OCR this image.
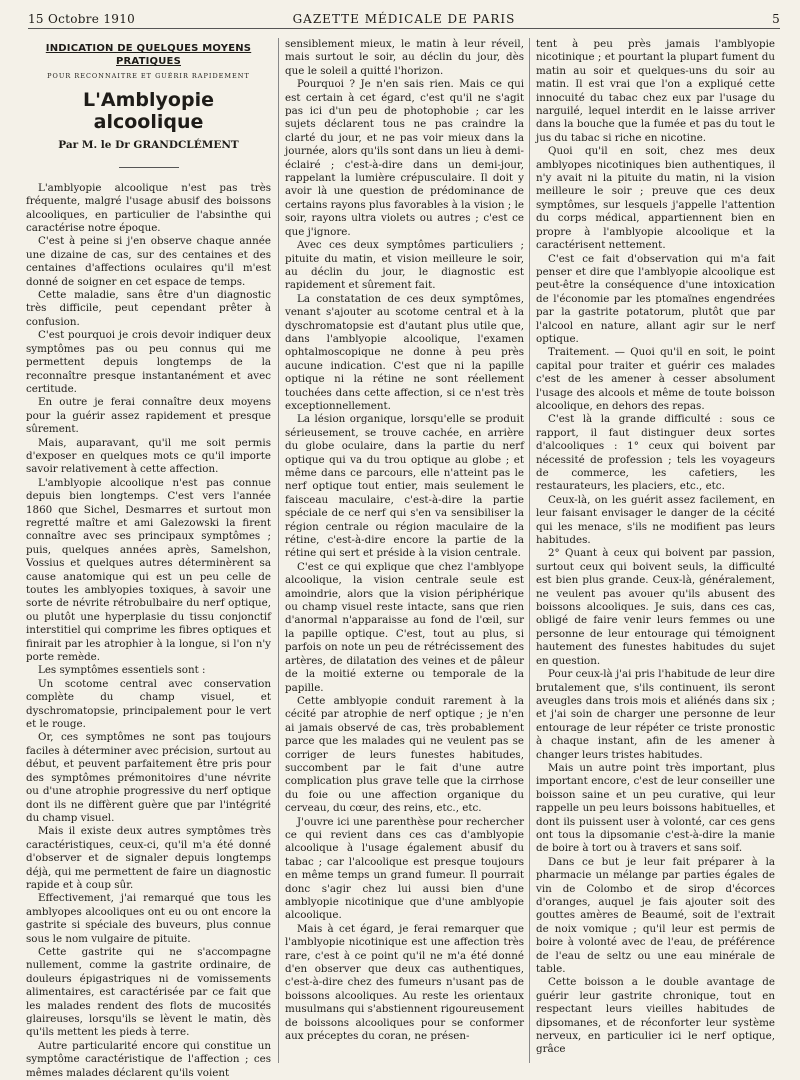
15 Octobre 1910	GAZETTE MÉDICALE DE PARIS	5
INDICATION DE QUELQUES MOYENS PRATIQUES
POUR RECONNAITRE ET GUÉRIR RAPIDEMENT
L'Amblyopie alcoolique
Par M. le Dr GRANDCLÉMENT

L'amblyopie alcoolique n'est pas très fréquente, malgré l'usage abusif des boissons alcooliques, en particulier de l'absinthe qui caractérise notre époque.

C'est à peine si j'en observe chaque année une dizaine de cas, sur des centaines et des centaines d'affections oculaires qu'il m'est donné de soigner en cet espace de temps.

Cette maladie, sans être d'un diagnostic très difficile, peut cependant prêter à confusion.

C'est pourquoi je crois devoir indiquer deux symptômes pas ou peu connus qui me permettent depuis longtemps de la reconnaître presque instantanément et avec certitude.

En outre je ferai connaître deux moyens pour la guérir assez rapidement et presque sûrement.

Mais, auparavant, qu'il me soit permis d'exposer en quelques mots ce qu'il importe savoir relativement à cette affection.

L'amblyopie alcoolique n'est pas connue depuis bien longtemps. C'est vers l'année 1860 que Sichel, Desmarres et surtout mon regretté maître et ami Galezowski la firent connaître avec ses principaux symptômes ; puis, quelques années après, Samelshon, Vossius et quelques autres déterminèrent sa cause anatomique qui est un peu celle de toutes les amblyopies toxiques, à savoir une sorte de névrite rétrobulbaire du nerf optique, ou plutôt une hyperplasie du tissu conjonctif interstitiel qui comprime les fibres optiques et finirait par les atrophier à la longue, si l'on n'y porte remède.

Les symptômes essentiels sont :

Un scotome central avec conservation complète du champ visuel, et dyschromatopsie, principalement pour le vert et le rouge.

Or, ces symptômes ne sont pas toujours faciles à déterminer avec précision, surtout au début, et peuvent parfaitement être pris pour des symptômes prémonitoires d'une névrite ou d'une atrophie progressive du nerf optique dont ils ne diffèrent guère que par l'intégrité du champ visuel.

Mais il existe deux autres symptômes très caractéristiques, ceux-ci, qu'il m'a été donné d'observer et de signaler depuis longtemps déjà, qui me permettent de faire un diagnostic rapide et à coup sûr.

Effectivement, j'ai remarqué que tous les amblyopes alcooliques ont eu ou ont encore la gastrite si spéciale des buveurs, plus connue sous le nom vulgaire de pituite.

Cette gastrite qui ne s'accompagne nullement, comme la gastrite ordinaire, de douleurs épigastriques ni de vomissements alimentaires, est caractérisée par ce fait que les malades rendent des flots de mucosités glaireuses, lorsqu'ils se lèvent le matin, dès qu'ils mettent les pieds à terre.

Autre particularité encore qui constitue un symptôme caractéristique de l'affection ; ces mêmes malades déclarent qu'ils voient

sensiblement mieux, le matin à leur réveil, mais surtout le soir, au déclin du jour, dès que le soleil a quitté l'horizon.

Pourquoi ? Je n'en sais rien. Mais ce qui est certain à cet égard, c'est qu'il ne s'agit pas ici d'un peu de photophobie ; car les sujets déclarent tous ne pas craindre la clarté du jour, et ne pas voir mieux dans la journée, alors qu'ils sont dans un lieu à demi-éclairé ; c'est-à-dire dans un demi-jour, rappelant la lumière crépusculaire. Il doit y avoir là une question de prédominance de certains rayons plus favorables à la vision ; le soir, rayons ultra violets ou autres ; c'est ce que j'ignore.

Avec ces deux symptômes particuliers ; pituite du matin, et vision meilleure le soir, au déclin du jour, le diagnostic est rapidement et sûrement fait.

La constatation de ces deux symptômes, venant s'ajouter au scotome central et à la dyschromatopsie est d'autant plus utile que, dans l'amblyopie alcoolique, l'examen ophtalmoscopique ne donne à peu près aucune indication. C'est que ni la papille optique ni la rétine ne sont réellement touchées dans cette affection, si ce n'est très exceptionnellement.

La lésion organique, lorsqu'elle se produit sérieusement, se trouve cachée, en arrière du globe oculaire, dans la partie du nerf optique qui va du trou optique au globe ; et même dans ce parcours, elle n'atteint pas le nerf optique tout entier, mais seulement le faisceau maculaire, c'est-à-dire la partie spéciale de ce nerf qui s'en va sensibiliser la région centrale ou région maculaire de la rétine, c'est-à-dire encore la partie de la rétine qui sert et préside à la vision centrale.

C'est ce qui explique que chez l'amblyope alcoolique, la vision centrale seule est amoindrie, alors que la vision périphérique ou champ visuel reste intacte, sans que rien d'anormal n'apparaisse au fond de l'œil, sur la papille optique. C'est, tout au plus, si parfois on note un peu de rétrécissement des artères, de dilatation des veines et de pâleur de la moitié externe ou temporale de la papille.

Cette amblyopie conduit rarement à la cécité par atrophie de nerf optique ; je n'en ai jamais observé de cas, très probablement parce que les malades qui ne veulent pas se corriger de leurs funestes habitudes, succombent par le fait d'une autre complication plus grave telle que la cirrhose du foie ou une affection organique du cerveau, du cœur, des reins, etc., etc.

J'ouvre ici une parenthèse pour rechercher ce qui revient dans ces cas d'amblyopie alcoolique à l'usage également abusif du tabac ; car l'alcoolique est presque toujours en même temps un grand fumeur. Il pourrait donc s'agir chez lui aussi bien d'une amblyopie nicotinique que d'une amblyopie alcoolique.

Mais à cet égard, je ferai remarquer que l'amblyopie nicotinique est une affection très rare, c'est à ce point qu'il ne m'a été donné d'en observer que deux cas authentiques, c'est-à-dire chez des fumeurs n'usant pas de boissons alcooliques. Au reste les orientaux musulmans qui s'abstiennent rigoureusement de boissons alcooliques pour se conformer aux préceptes du coran, ne présen-

tent à peu près jamais l'amblyopie nicotinique ; et pourtant la plupart fument du matin au soir et quelques-uns du soir au matin. Il est vrai que l'on a expliqué cette innocuité du tabac chez eux par l'usage du narguilé, lequel interdit en le laisse arriver dans la bouche que la fumée et pas du tout le jus du tabac si riche en nicotine.

Quoi qu'il en soit, chez mes deux amblyopes nicotiniques bien authentiques, il n'y avait ni la pituite du matin, ni la vision meilleure le soir ; preuve que ces deux symptômes, sur lesquels j'appelle l'attention du corps médical, appartiennent bien en propre à l'amblyopie alcoolique et la caractérisent nettement.

C'est ce fait d'observation qui m'a fait penser et dire que l'amblyopie alcoolique est peut-être la conséquence d'une intoxication de l'économie par les ptomaïnes engendrées par la gastrite potatorum, plutôt que par l'alcool en nature, allant agir sur le nerf optique.

Traitement. — Quoi qu'il en soit, le point capital pour traiter et guérir ces malades c'est de les amener à cesser absolument l'usage des alcools et même de toute boisson alcoolique, en dehors des repas.

C'est là la grande difficulté : sous ce rapport, il faut distinguer deux sortes d'alcooliques : 1° ceux qui boivent par nécessité de profession ; tels les voyageurs de commerce, les cafetiers, les restaurateurs, les placiers, etc., etc.

Ceux-là, on les guérit assez facilement, en leur faisant envisager le danger de la cécité qui les menace, s'ils ne modifient pas leurs habitudes.

2° Quant à ceux qui boivent par passion, surtout ceux qui boivent seuls, la difficulté est bien plus grande. Ceux-là, généralement, ne veulent pas avouer qu'ils abusent des boissons alcooliques. Je suis, dans ces cas, obligé de faire venir leurs femmes ou une personne de leur entourage qui témoignent hautement des funestes habitudes du sujet en question.

Pour ceux-là j'ai pris l'habitude de leur dire brutalement que, s'ils continuent, ils seront aveugles dans trois mois et aliénés dans six ; et j'ai soin de charger une personne de leur entourage de leur répéter ce triste pronostic à chaque instant, afin de les amener à changer leurs tristes habitudes.

Mais un autre point très important, plus important encore, c'est de leur conseiller une boisson saine et un peu curative, qui leur rappelle un peu leurs boissons habituelles, et dont ils puissent user à volonté, car ces gens ont tous la dipsomanie c'est-à-dire la manie de boire à tort ou à travers et sans soif.

Dans ce but je leur fait préparer à la pharmacie un mélange par parties égales de vin de Colombo et de sirop d'écorces d'oranges, auquel je fais ajouter soit des gouttes amères de Beaumé, soit de l'extrait de noix vomique ; qu'il leur est permis de boire à volonté avec de l'eau, de préférence de l'eau de seltz ou une eau minérale de table.

Cette boisson a le double avantage de guérir leur gastrite chronique, tout en respectant leurs vieilles habitudes de dipsomanes, et de réconforter leur système nerveux, en particulier ici le nerf optique, grâce
